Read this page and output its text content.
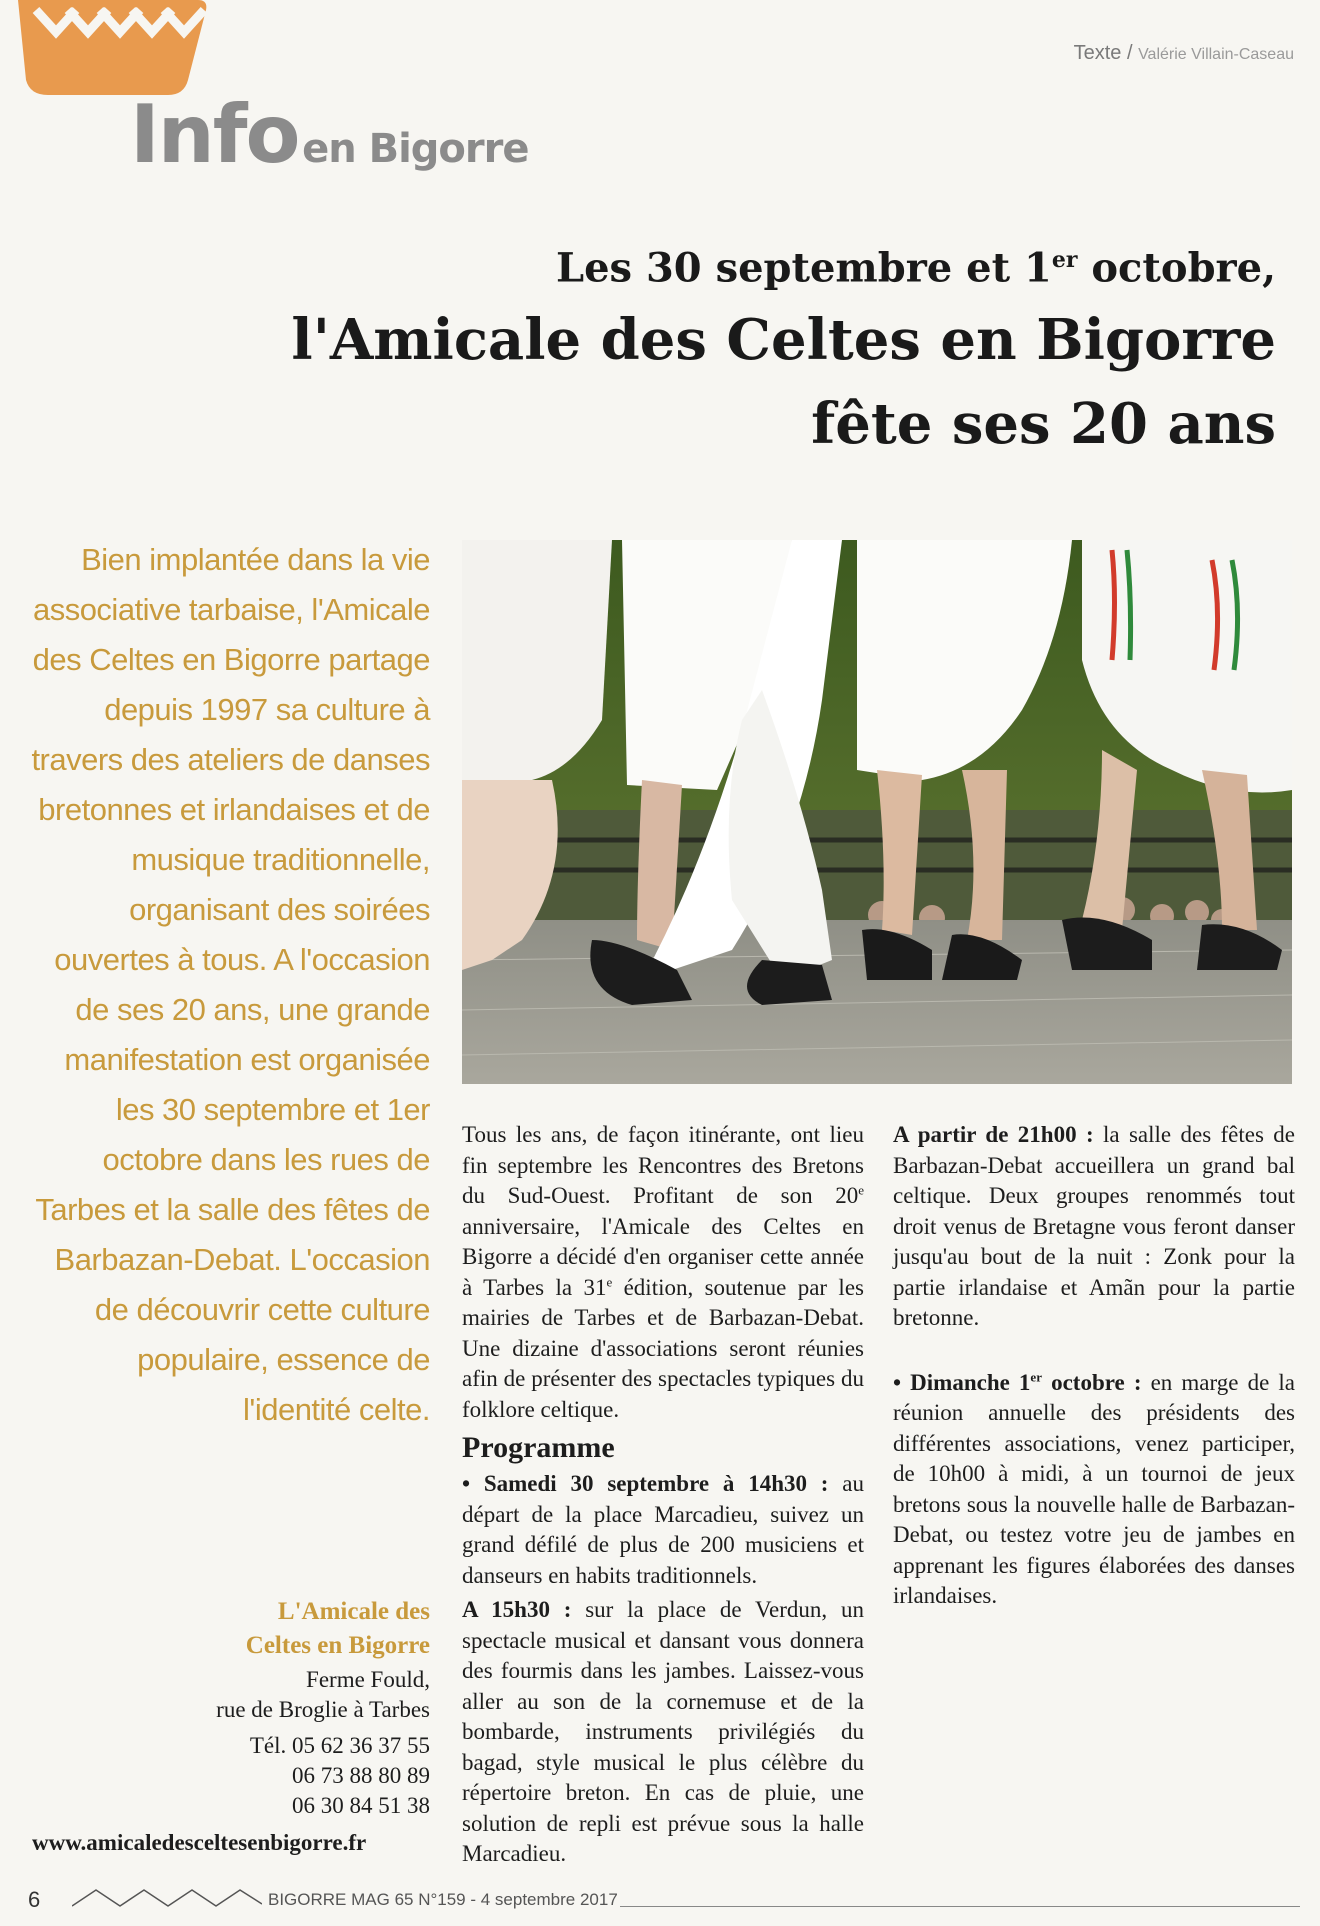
Info en Bigorre
Texte / Valérie Villain-Caseau
Les 30 septembre et 1er octobre,
l'Amicale des Celtes en Bigorre
fête ses 20 ans

Bien implantée dans la vie associative tarbaise, l'Amicale des Celtes en Bigorre partage depuis 1997 sa culture à travers des ateliers de danses bretonnes et irlandaises et de musique traditionnelle, organisant des soirées ouvertes à tous. A l'occasion de ses 20 ans, une grande manifestation est organisée les 30 septembre et 1er octobre dans les rues de Tarbes et la salle des fêtes de Barbazan-Debat. L'occasion de découvrir cette culture populaire, essence de l'identité celte.

Tous les ans, de façon itinérante, ont lieu fin septembre les Rencontres des Bretons du Sud-Ouest. Profitant de son 20e anniversaire, l'Amicale des Celtes en Bigorre a décidé d'en organiser cette année à Tarbes la 31e édition, soutenue par les mairies de Tarbes et de Barbazan-Debat. Une dizaine d'associations seront réunies afin de présenter des spectacles typiques du folklore celtique.

Programme

• Samedi 30 septembre à 14h30 : au départ de la place Marcadieu, suivez un grand défilé de plus de 200 musiciens et danseurs en habits traditionnels.

A 15h30 : sur la place de Verdun, un spectacle musical et dansant vous donnera des fourmis dans les jambes. Laissez-vous aller au son de la cornemuse et de la bombarde, instruments privilégiés du bagad, style musical le plus célèbre du répertoire breton. En cas de pluie, une solution de repli est prévue sous la halle Marcadieu.

A partir de 21h00 : la salle des fêtes de Barbazan-Debat accueillera un grand bal celtique. Deux groupes renommés tout droit venus de Bretagne vous feront danser jusqu'au bout de la nuit : Zonk pour la partie irlandaise et Amãn pour la partie bretonne.

• Dimanche 1er octobre : en marge de la réunion annuelle des présidents des différentes associations, venez participer, de 10h00 à midi, à un tournoi de jeux bretons sous la nouvelle halle de Barbazan-Debat, ou testez votre jeu de jambes en apprenant les figures élaborées des danses irlandaises.

L'Amicale des
Celtes en Bigorre
Ferme Fould,
rue de Broglie à Tarbes
Tél. 05 62 36 37 55
06 73 88 80 89
06 30 84 51 38
www.amicaledesceltesenbigorre.fr
6	BIGORRE MAG 65 N°159 - 4 septembre 2017
